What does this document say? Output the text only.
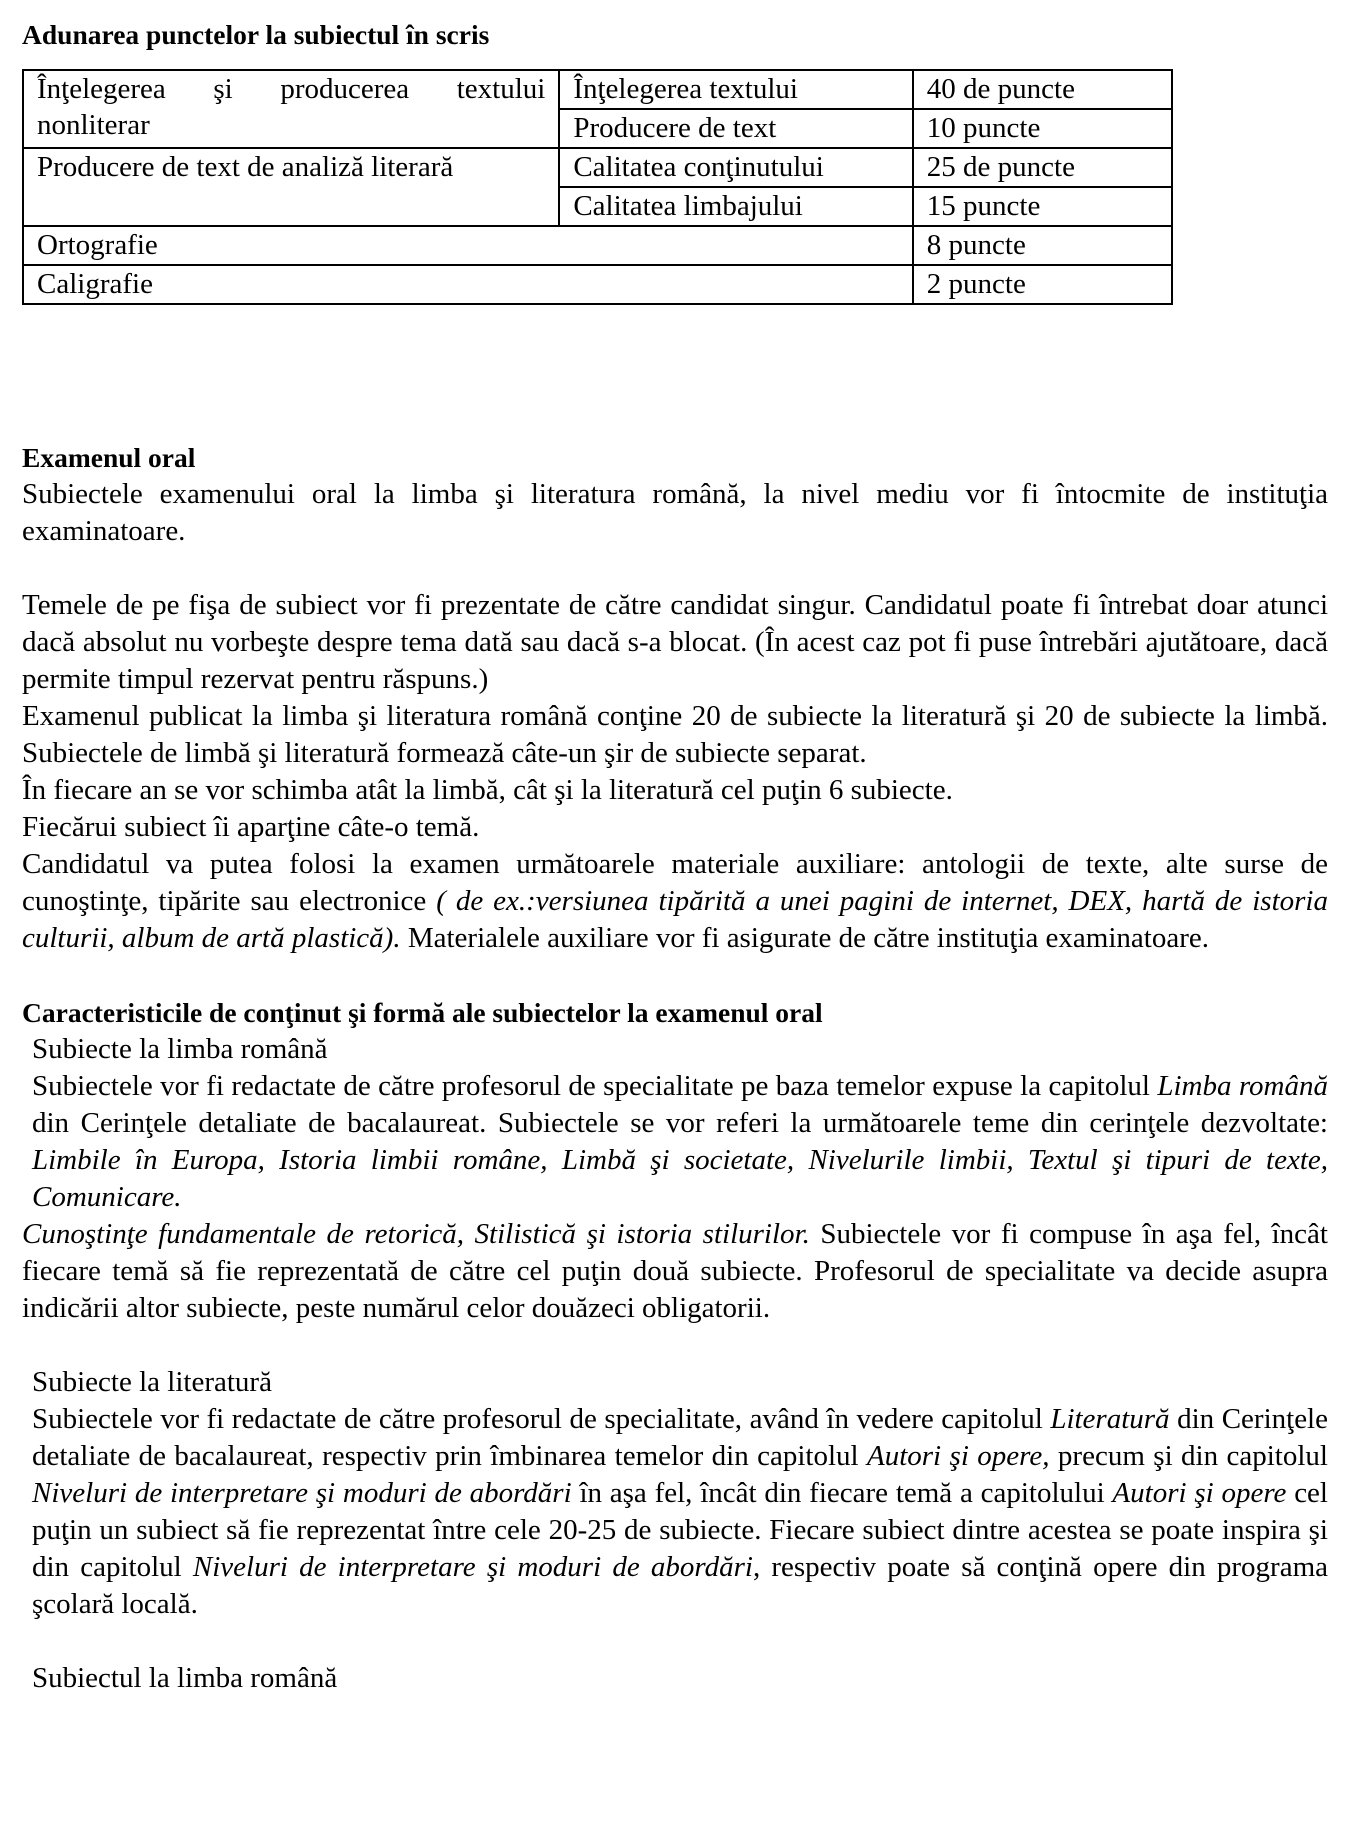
Adunarea punctelor la subiectul în scris
Înţelegerea şi producerea textului
nonliterar	Înţelegerea textului	40 de puncte
	Producere de text	10 puncte
Producere de text de analiză literară	Calitatea conţinutului	25 de puncte
	Calitatea limbajului	15 puncte
Ortografie		8 puncte
Caligrafie		2 puncte
Examenul oral

Subiectele examenului oral la limba şi literatura română, la nivel mediu vor fi întocmite de instituţia examinatoare.

Temele de pe fişa de subiect vor fi prezentate de către candidat singur. Candidatul poate fi întrebat doar atunci dacă absolut nu vorbeşte despre tema dată sau dacă s-a blocat. (În acest caz pot fi puse întrebări ajutătoare, dacă permite timpul rezervat pentru răspuns.)

Examenul publicat la limba şi literatura română conţine 20 de subiecte la literatură şi 20 de subiecte la limbă. Subiectele de limbă şi literatură formează câte-un şir de subiecte separat.

În fiecare an se vor schimba atât la limbă, cât şi la literatură cel puţin 6 subiecte.

Fiecărui subiect îi aparţine câte-o temă.

Candidatul va putea folosi la examen următoarele materiale auxiliare: antologii de texte, alte surse de cunoştinţe, tipărite sau electronice ( de ex.:versiunea tipărită a unei pagini de internet, DEX, hartă de istoria culturii, album de artă plastică). Materialele auxiliare vor fi asigurate de către instituţia examinatoare.

Caracteristicile de conţinut şi formă ale subiectelor la examenul oral

Subiecte la limba română

Subiectele vor fi redactate de către profesorul de specialitate pe baza temelor expuse la capitolul Limba română din Cerinţele detaliate de bacalaureat. Subiectele se vor referi la următoarele teme din cerinţele dezvoltate: Limbile în Europa, Istoria limbii române, Limbă şi societate, Nivelurile limbii, Textul şi tipuri de texte, Comunicare.

Cunoştinţe fundamentale de retorică, Stilistică şi istoria stilurilor. Subiectele vor fi compuse în aşa fel, încât fiecare temă să fie reprezentată de către cel puţin două subiecte. Profesorul de specialitate va decide asupra indicării altor subiecte, peste numărul celor douăzeci obligatorii.

Subiecte la literatură

Subiectele vor fi redactate de către profesorul de specialitate, având în vedere capitolul Literatură din Cerinţele detaliate de bacalaureat, respectiv prin îmbinarea temelor din capitolul Autori şi opere, precum şi din capitolul Niveluri de interpretare şi moduri de abordări în aşa fel, încât din fiecare temă a capitolului Autori şi opere cel puţin un subiect să fie reprezentat între cele 20-25 de subiecte. Fiecare subiect dintre acestea se poate inspira şi din capitolul Niveluri de interpretare şi moduri de abordări, respectiv poate să conţină opere din programa şcolară locală.

Subiectul la limba română
